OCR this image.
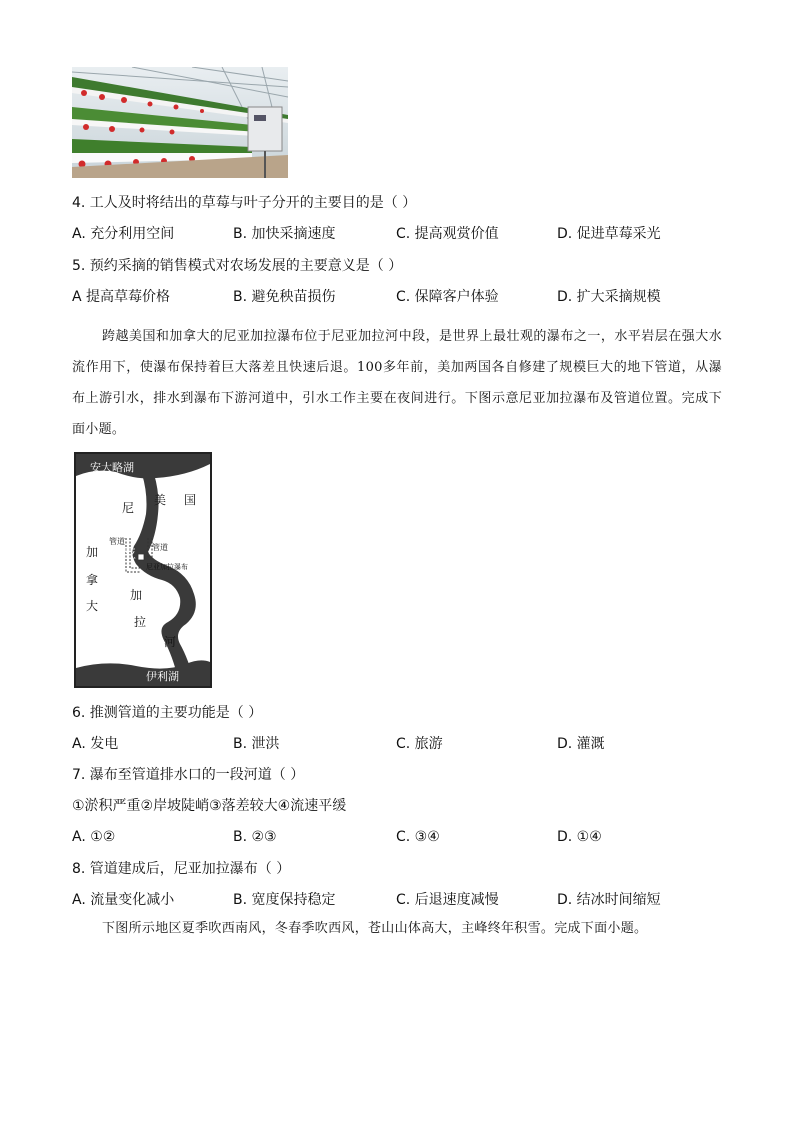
4. 工人及时将结出的草莓与叶子分开的主要目的是（ ）
A. 充分利用空间	B. 加快采摘速度	C. 提高观赏价值	D. 促进草莓采光
5. 预约采摘的销售模式对农场发展的主要意义是（ ）
A 提高草莓价格	B. 避免秧苗损伤	C. 保障客户体验	D. 扩大采摘规模
跨越美国和加拿大的尼亚加拉瀑布位于尼亚加拉河中段，是世界上最壮观的瀑布之一，水平岩层在强大水流作用下，使瀑布保持着巨大落差且快速后退。100多年前，美加两国各自修建了规模巨大的地下管道，从瀑布上游引水，排水到瀑布下游河道中，引水工作主要在夜间进行。下图示意尼亚加拉瀑布及管道位置。完成下面小题。
安大略湖
伊利湖
美 国
加
拿
大
尼
亚
加
拉
河
管道
管道
尼亚加拉瀑布
6. 推测管道的主要功能是（ ）
A. 发电	B. 泄洪	C. 旅游	D. 灌溉
7. 瀑布至管道排水口的一段河道（ ）
①淤积严重②岸坡陡峭③落差较大④流速平缓
A. ①②	B. ②③	C. ③④	D. ①④
8. 管道建成后，尼亚加拉瀑布（ ）
A. 流量变化减小	B. 宽度保持稳定	C. 后退速度减慢	D. 结冰时间缩短
下图所示地区夏季吹西南风，冬春季吹西风，苍山山体高大，主峰终年积雪。完成下面小题。
